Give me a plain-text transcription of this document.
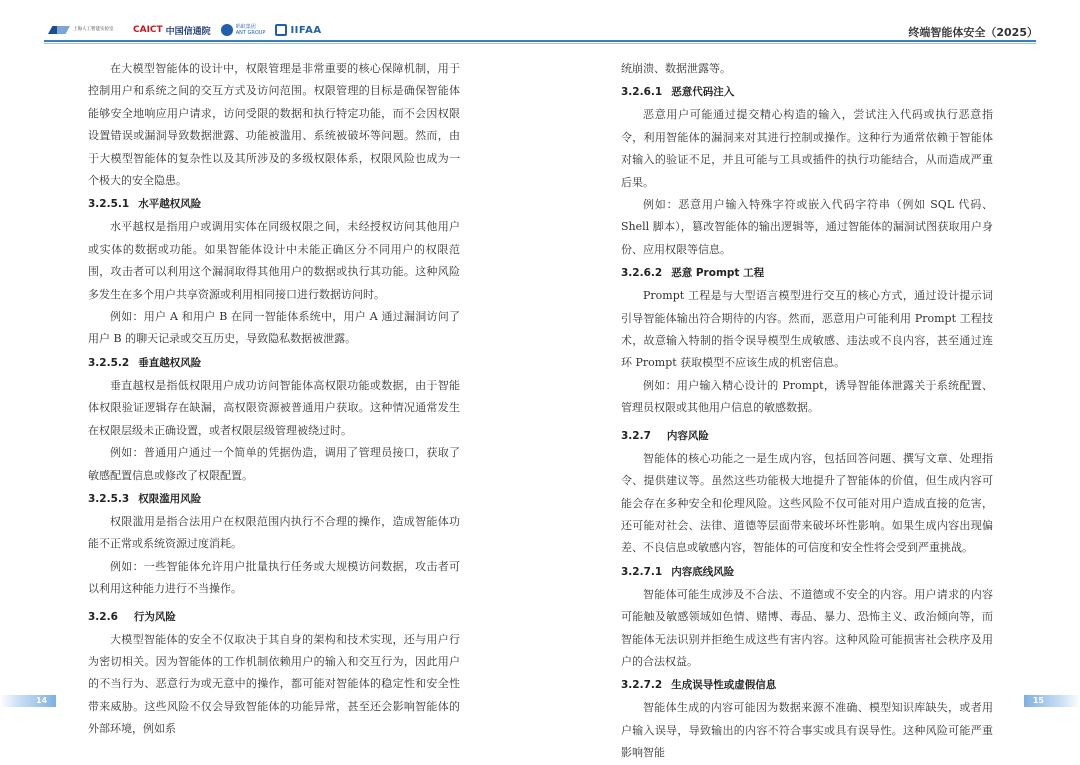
上海人工智能实验室	CAICT 中国信通院	蚂蚁集团
ANT GROUP	IIFAA	终端智能体安全（2025）

在大模型智能体的设计中，权限管理是非常重要的核心保障机制，用于控制用户和系统之间的交互方式及访问范围。权限管理的目标是确保智能体能够安全地响应用户请求，访问受限的数据和执行特定功能，而不会因权限设置错误或漏洞导致数据泄露、功能被滥用、系统被破坏等问题。然而，由于大模型智能体的复杂性以及其所涉及的多级权限体系，权限风险也成为一个极大的安全隐患。

3.2.5.1 水平越权风险

水平越权是指用户或调用实体在同级权限之间，未经授权访问其他用户或实体的数据或功能。如果智能体设计中未能正确区分不同用户的权限范围，攻击者可以利用这个漏洞取得其他用户的数据或执行其功能。这种风险多发生在多个用户共享资源或利用相同接口进行数据访问时。

例如：用户 A 和用户 B 在同一智能体系统中，用户 A 通过漏洞访问了用户 B 的聊天记录或交互历史，导致隐私数据被泄露。

3.2.5.2 垂直越权风险

垂直越权是指低权限用户成功访问智能体高权限功能或数据，由于智能体权限验证逻辑存在缺漏，高权限资源被普通用户获取。这种情况通常发生在权限层级未正确设置，或者权限层级管理被绕过时。

例如：普通用户通过一个简单的凭据伪造，调用了管理员接口，获取了敏感配置信息或修改了权限配置。

3.2.5.3 权限滥用风险

权限滥用是指合法用户在权限范围内执行不合理的操作，造成智能体功能不正常或系统资源过度消耗。

例如：一些智能体允许用户批量执行任务或大规模访问数据，攻击者可以利用这种能力进行不当操作。

3.2.6 行为风险

大模型智能体的安全不仅取决于其自身的架构和技术实现，还与用户行为密切相关。因为智能体的工作机制依赖用户的输入和交互行为，因此用户的不当行为、恶意行为或无意中的操作，都可能对智能体的稳定性和安全性带来威胁。这些风险不仅会导致智能体的功能异常，甚至还会影响智能体的外部环境，例如系

统崩溃、数据泄露等。

3.2.6.1 恶意代码注入

恶意用户可能通过提交精心构造的输入，尝试注入代码或执行恶意指令，利用智能体的漏洞来对其进行控制或操作。这种行为通常依赖于智能体对输入的验证不足，并且可能与工具或插件的执行功能结合，从而造成严重后果。

例如：恶意用户输入特殊字符或嵌入代码字符串（例如 SQL 代码、Shell 脚本），篡改智能体的输出逻辑等，通过智能体的漏洞试图获取用户身份、应用权限等信息。

3.2.6.2 恶意 Prompt 工程

Prompt 工程是与大型语言模型进行交互的核心方式，通过设计提示词引导智能体输出符合期待的内容。然而，恶意用户可能利用 Prompt 工程技术，故意输入特制的指令误导模型生成敏感、违法或不良内容，甚至通过连环 Prompt 获取模型不应该生成的机密信息。

例如：用户输入精心设计的 Prompt，诱导智能体泄露关于系统配置、管理员权限或其他用户信息的敏感数据。

3.2.7 内容风险

智能体的核心功能之一是生成内容，包括回答问题、撰写文章、处理指令、提供建议等。虽然这些功能极大地提升了智能体的价值，但生成内容可能会存在多种安全和伦理风险。这些风险不仅可能对用户造成直接的危害，还可能对社会、法律、道德等层面带来破坏坏性影响。如果生成内容出现偏差、不良信息或敏感内容，智能体的可信度和安全性将会受到严重挑战。

3.2.7.1 内容底线风险

智能体可能生成涉及不合法、不道德或不安全的内容。用户请求的内容可能触及敏感领域如色情、赌博、毒品、暴力、恐怖主义、政治倾向等，而智能体无法识别并拒绝生成这些有害内容。这种风险可能损害社会秩序及用户的合法权益。

3.2.7.2 生成误导性或虚假信息

智能体生成的内容可能因为数据来源不准确、模型知识库缺失，或者用户输入误导，导致输出的内容不符合事实或具有误导性。这种风险可能严重影响智能

14	15
